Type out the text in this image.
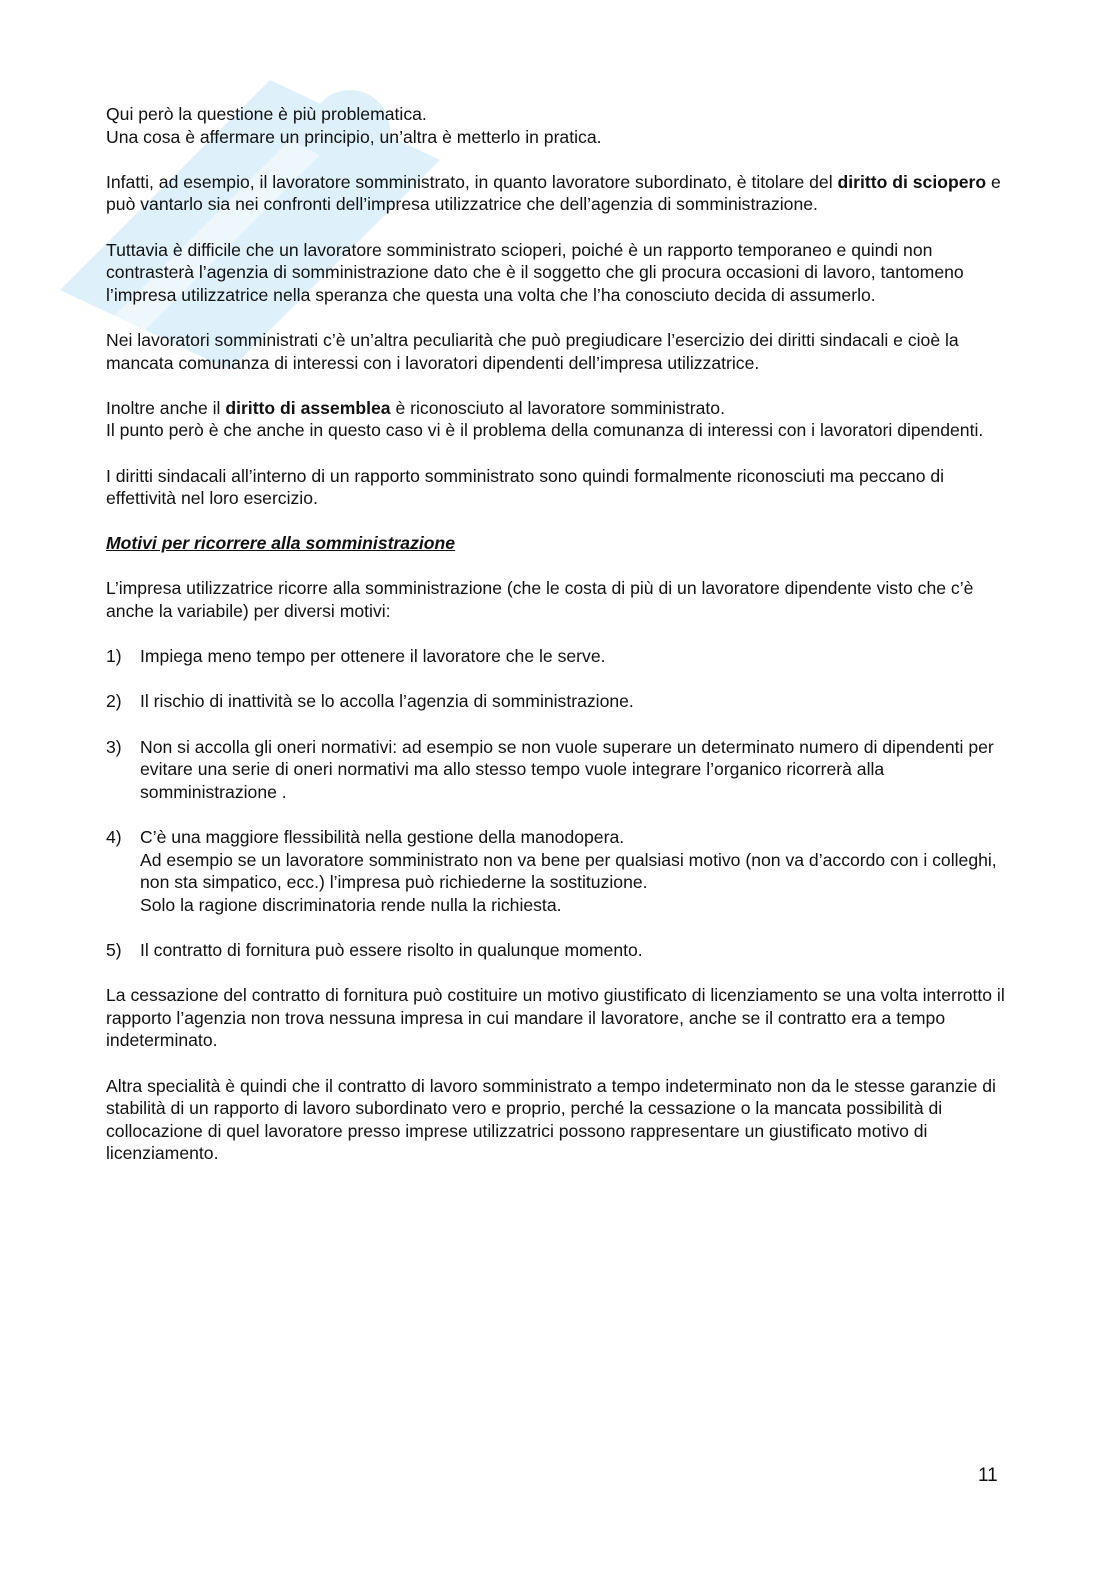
Qui però la questione è più problematica.

Una cosa è affermare un principio, un’altra è metterlo in pratica.

Infatti, ad esempio, il lavoratore somministrato, in quanto lavoratore subordinato, è titolare del diritto di sciopero e può vantarlo sia nei confronti dell’impresa utilizzatrice che dell’agenzia di somministrazione.

Tuttavia è difficile che un lavoratore somministrato scioperi, poiché è un rapporto temporaneo e quindi non contrasterà l’agenzia di somministrazione dato che è il soggetto che gli procura occasioni di lavoro, tantomeno l’impresa utilizzatrice nella speranza che questa una volta che l’ha conosciuto decida di assumerlo.

Nei lavoratori somministrati c’è un’altra peculiarità che può pregiudicare l’esercizio dei diritti sindacali e cioè la mancata comunanza di interessi con i lavoratori dipendenti dell’impresa utilizzatrice.

Inoltre anche il diritto di assemblea è riconosciuto al lavoratore somministrato.

Il punto però è che anche in questo caso vi è il problema della comunanza di interessi con i lavoratori dipendenti.

I diritti sindacali all’interno di un rapporto somministrato sono quindi formalmente riconosciuti ma peccano di effettività nel loro esercizio.

Motivi per ricorrere alla somministrazione

L’impresa utilizzatrice ricorre alla somministrazione (che le costa di più di un lavoratore dipendente visto che c’è anche la variabile) per diversi motivi:

1) Impiega meno tempo per ottenere il lavoratore che le serve.
2) Il rischio di inattività se lo accolla l’agenzia di somministrazione.
3) Non si accolla gli oneri normativi: ad esempio se non vuole superare un determinato numero di dipendenti per evitare una serie di oneri normativi ma allo stesso tempo vuole integrare l’organico ricorrerà alla somministrazione .
4) C’è una maggiore flessibilità nella gestione della manodopera.
Ad esempio se un lavoratore somministrato non va bene per qualsiasi motivo (non va d’accordo con i colleghi, non sta simpatico, ecc.) l’impresa può richiederne la sostituzione.
Solo la ragione discriminatoria rende nulla la richiesta.
5) Il contratto di fornitura può essere risolto in qualunque momento.

La cessazione del contratto di fornitura può costituire un motivo giustificato di licenziamento se una volta interrotto il rapporto l’agenzia non trova nessuna impresa in cui mandare il lavoratore, anche se il contratto era a tempo indeterminato.

Altra specialità è quindi che il contratto di lavoro somministrato a tempo indeterminato non da le stesse garanzie di stabilità di un rapporto di lavoro subordinato vero e proprio, perché la cessazione o la mancata possibilità di collocazione di quel lavoratore presso imprese utilizzatrici possono rappresentare un giustificato motivo di licenziamento.

11
